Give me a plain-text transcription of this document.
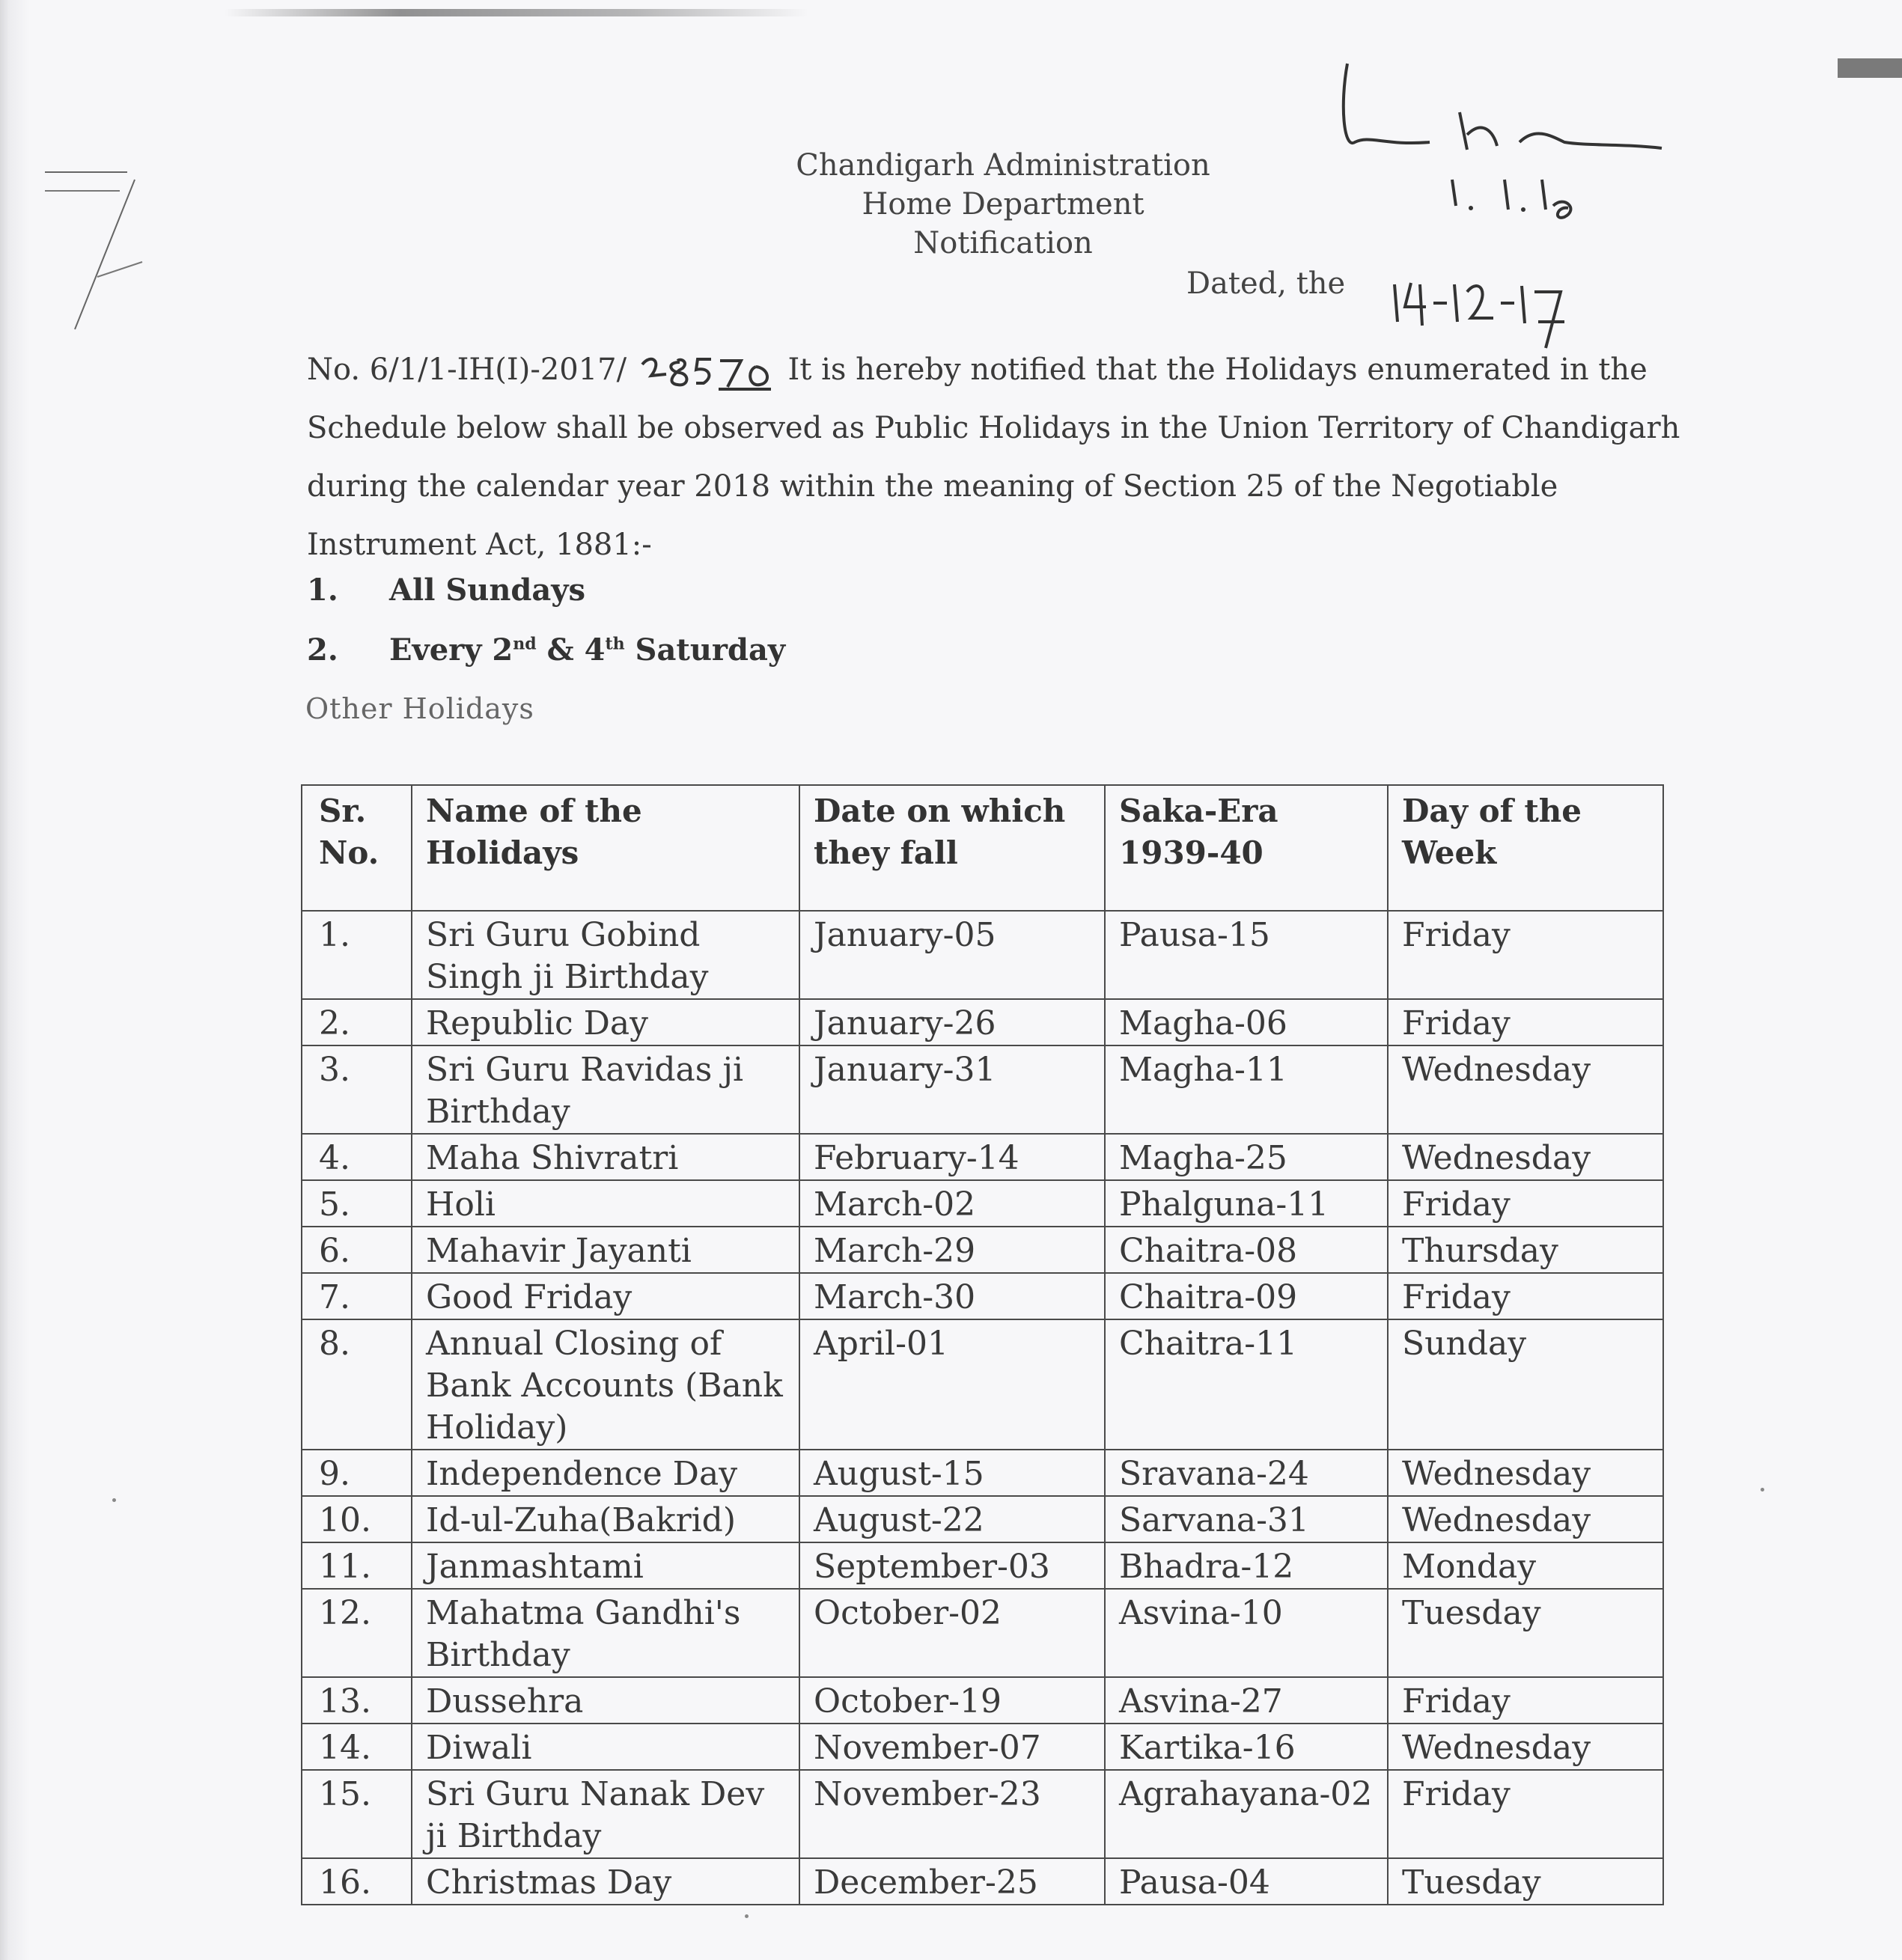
Chandigarh Administration
Home Department
Notification
Dated, the
No. 6/1/1-IH(I)-2017/	It is hereby notified that the Holidays enumerated in the Schedule below shall be observed as Public Holidays in the Union Territory of Chandigarh during the calendar year 2018 within the meaning of Section 25 of the Negotiable Instrument Act, 1881:-
1. All Sundays
2. Every 2nd & 4th Saturday
Other Holidays
Sr. No.	Name of the Holidays	Date on which they fall	Saka-Era 1939-40	Day of the Week
1.	Sri Guru Gobind Singh ji Birthday	January-05	Pausa-15	Friday
2.	Republic Day	January-26	Magha-06	Friday
3.	Sri Guru Ravidas ji Birthday	January-31	Magha-11	Wednesday
4.	Maha Shivratri	February-14	Magha-25	Wednesday
5.	Holi	March-02	Phalguna-11	Friday
6.	Mahavir Jayanti	March-29	Chaitra-08	Thursday
7.	Good Friday	March-30	Chaitra-09	Friday
8.	Annual Closing of Bank Accounts (Bank Holiday)	April-01	Chaitra-11	Sunday
9.	Independence Day	August-15	Sravana-24	Wednesday
10.	Id-ul-Zuha(Bakrid)	August-22	Sarvana-31	Wednesday
11.	Janmashtami	September-03	Bhadra-12	Monday
12.	Mahatma Gandhi's Birthday	October-02	Asvina-10	Tuesday
13.	Dussehra	October-19	Asvina-27	Friday
14.	Diwali	November-07	Kartika-16	Wednesday
15.	Sri Guru Nanak Dev ji Birthday	November-23	Agrahayana-02	Friday
16.	Christmas Day	December-25	Pausa-04	Tuesday
